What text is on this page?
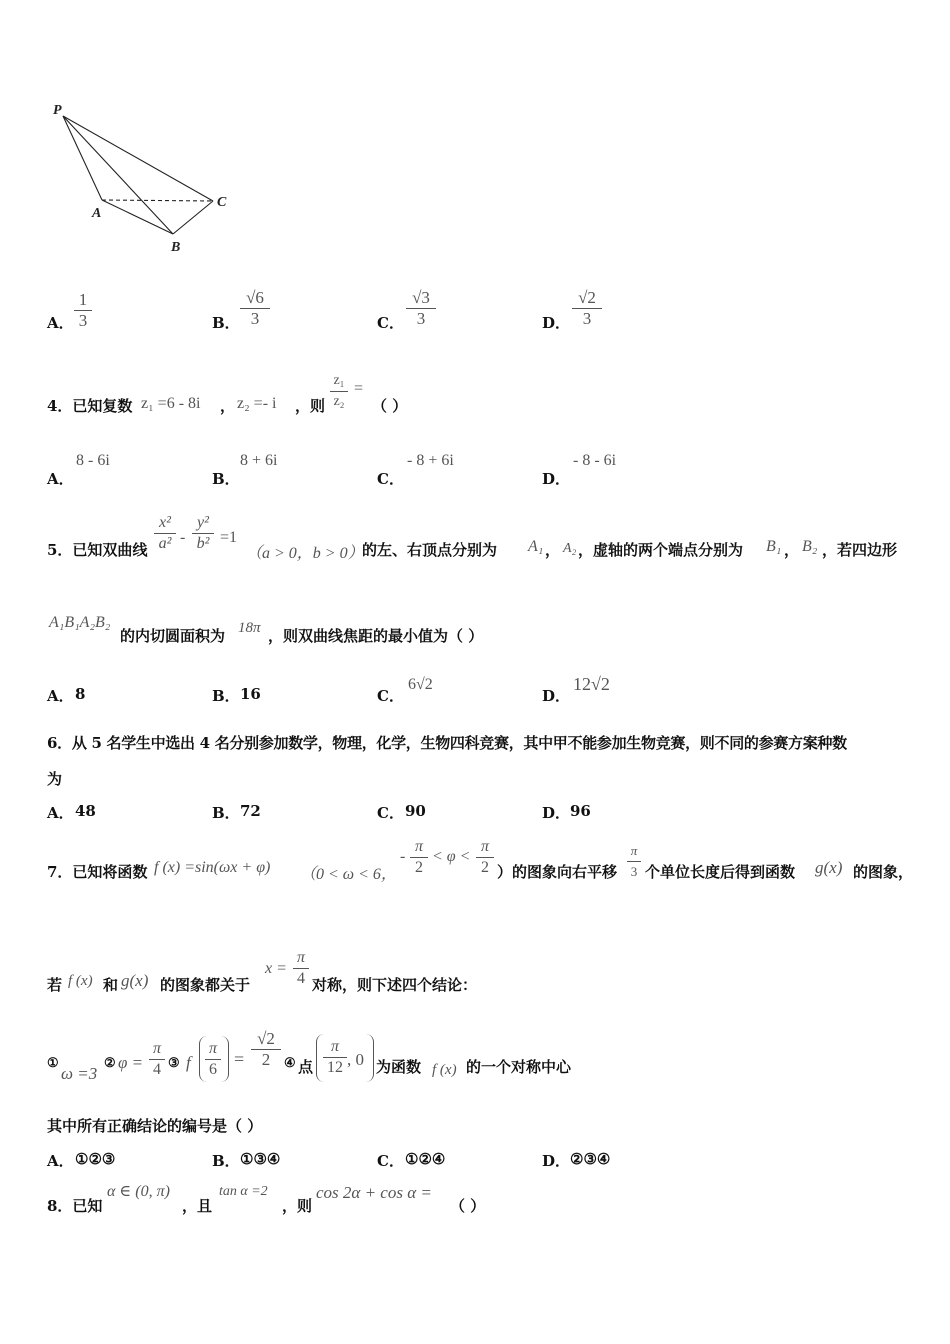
P
A
B
C
A．
1
3	B．
√6
3	C．
√3
3	D．
√2
3
4．已知复数 z₁ =6 - 8i ， z₂ =- i ，则
z₁
z₂
=
（ ）
A．
8 - 6i
B．
8 + 6i
C．
- 8 + 6i
D．
- 8 - 6i
5．已知双曲线
x²
a² -
y²
b² =1
（a > 0，b > 0）
的左、右顶点分别为 A₁ ， A₂ ，虚轴的两个端点分别为 B₁ ， B₂ ，若四边形
A₁B₁A₂B₂
的内切圆面积为 18π ，则双曲线焦距的最小值为（ ）
A． 8	B． 16	C．
6√2
D．
12√2
6．从 5 名学生中选出 4 名分别参加数学，物理，化学，生物四科竞赛，其中甲不能参加生物竞赛，则不同的参赛方案种数
为
A． 48	B． 72	C． 90	D． 96
7．已知将函数 f (x) =sin(ωx + φ) （0 < ω < 6，
-
π
2
< φ <
π
2 ）的图象向右平移
π
3 个单位长度后得到函数 g(x) 的图象，
若 f (x) 和 g(x) 的图象都关于
x =
π
4 对称，则下述四个结论：
①
ω =3
② φ =
π
4 ③ f
π
6
=
√2
2	④ 点
π
12 , 0 为函数 f (x) 的一个对称中心
其中所有正确结论的编号是（ ）
A． ①②③	B． ①③④	C． ①②④	D． ②③④
8．已知
α ∈ (0, π)
，且
tan α =2
，则
cos 2α + cos α =
（ ）
